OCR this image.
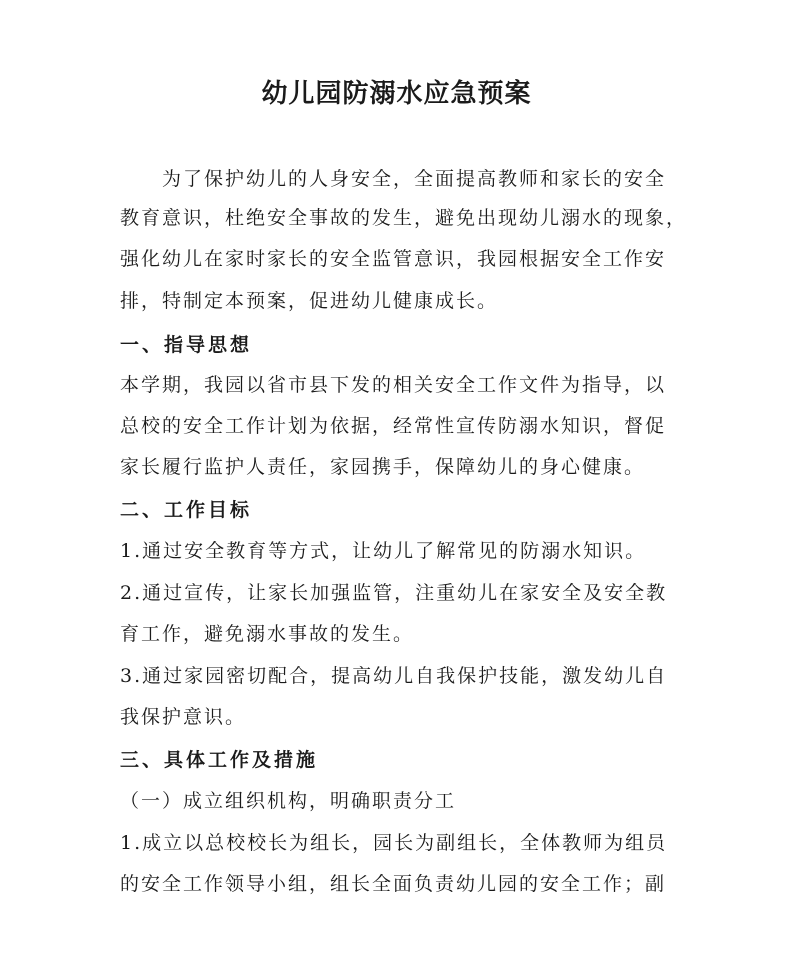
幼儿园防溺水应急预案
为了保护幼儿的人身安全，全面提高教师和家长的安全
教育意识，杜绝安全事故的发生，避免出现幼儿溺水的现象，
强化幼儿在家时家长的安全监管意识，我园根据安全工作安
排，特制定本预案，促进幼儿健康成长。
一、指导思想
本学期，我园以省市县下发的相关安全工作文件为指导，以
总校的安全工作计划为依据，经常性宣传防溺水知识，督促
家长履行监护人责任，家园携手，保障幼儿的身心健康。
二、工作目标
1.通过安全教育等方式，让幼儿了解常见的防溺水知识。
2.通过宣传，让家长加强监管，注重幼儿在家安全及安全教
育工作，避免溺水事故的发生。
3.通过家园密切配合，提高幼儿自我保护技能，激发幼儿自
我保护意识。
三、具体工作及措施
（一）成立组织机构，明确职责分工
1.成立以总校校长为组长，园长为副组长，全体教师为组员
的安全工作领导小组，组长全面负责幼儿园的安全工作；副
